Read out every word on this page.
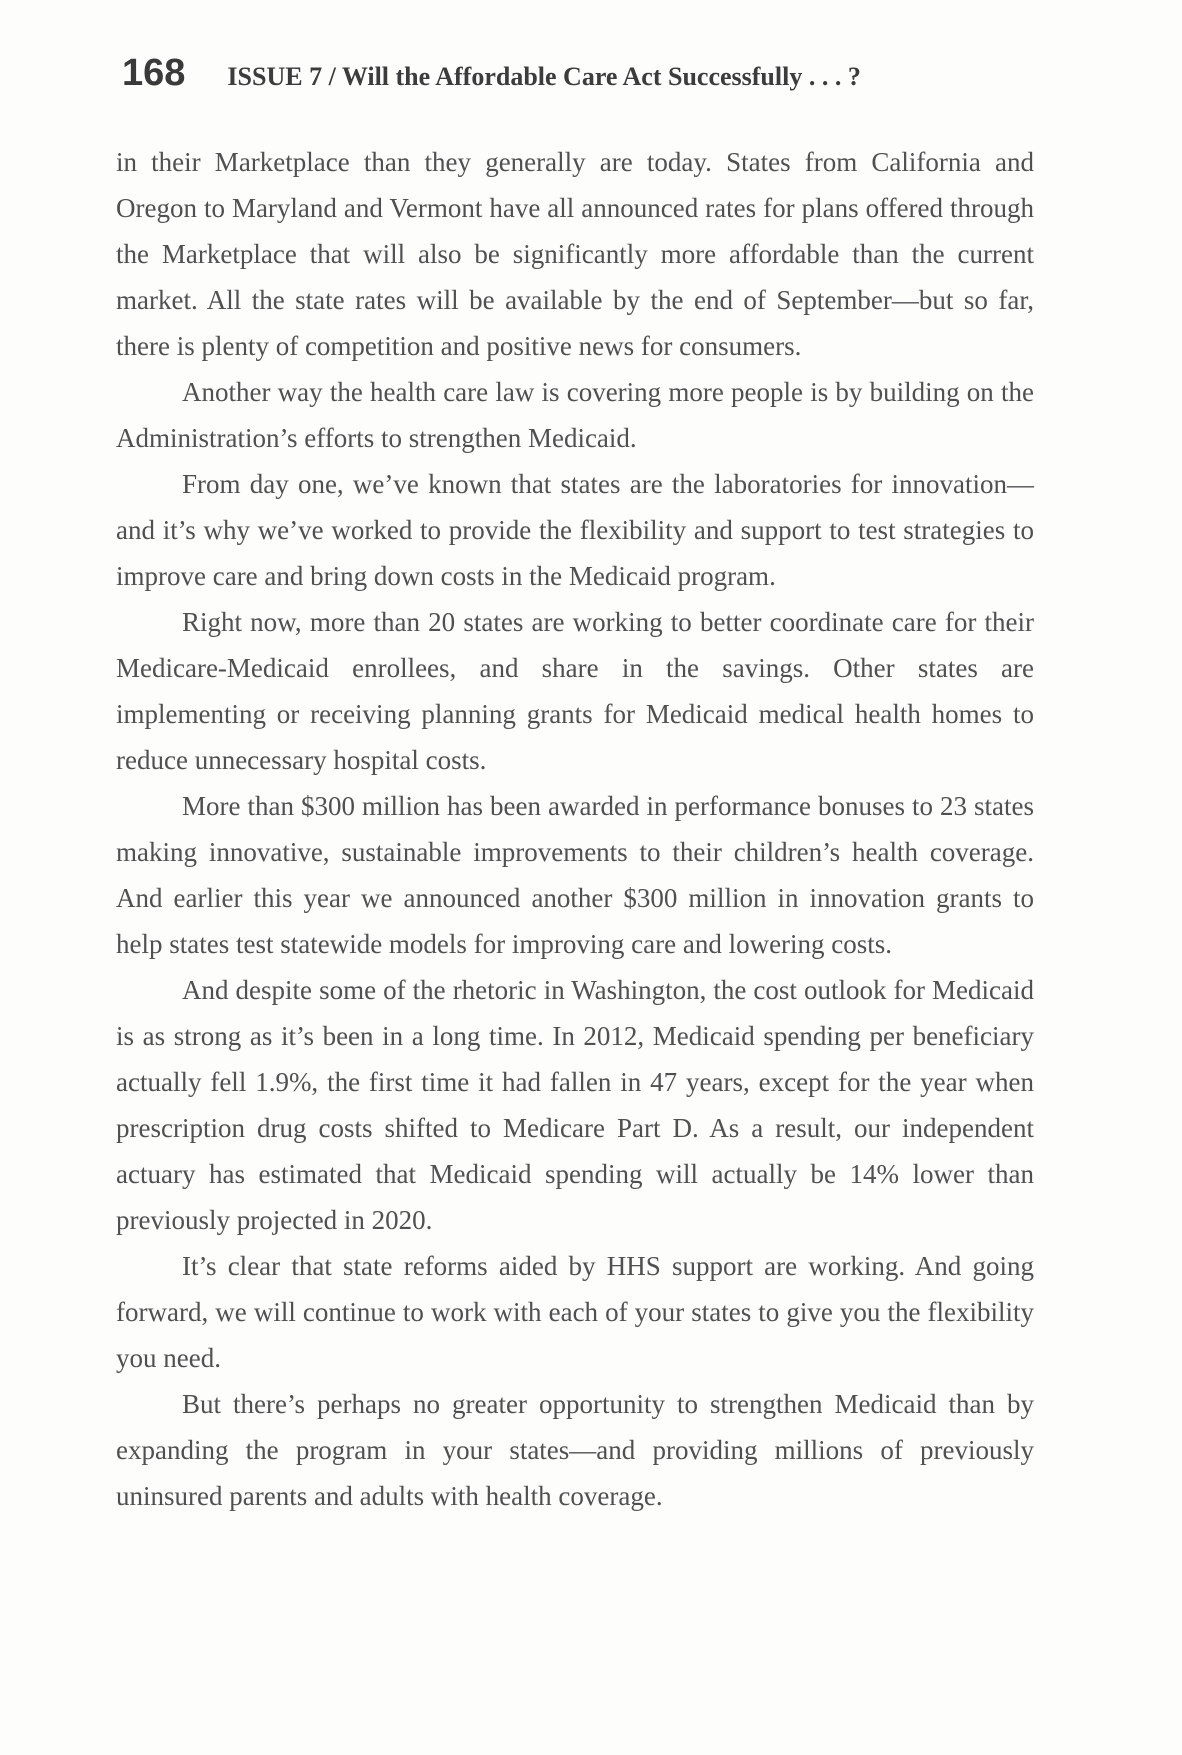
168 ISSUE 7 / Will the Affordable Care Act Successfully . . . ?

in their Marketplace than they generally are today. States from California and Oregon to Maryland and Vermont have all announced rates for plans offered through the Marketplace that will also be significantly more affordable than the current market. All the state rates will be available by the end of September—but so far, there is plenty of competition and positive news for consumers.

Another way the health care law is covering more people is by building on the Administration’s efforts to strengthen Medicaid.

From day one, we’ve known that states are the laboratories for innovation—and it’s why we’ve worked to provide the flexibility and support to test strategies to improve care and bring down costs in the Medicaid program.

Right now, more than 20 states are working to better coordinate care for their Medicare-Medicaid enrollees, and share in the savings. Other states are implementing or receiving planning grants for Medicaid medical health homes to reduce unnecessary hospital costs.

More than $300 million has been awarded in performance bonuses to 23 states making innovative, sustainable improvements to their children’s health coverage. And earlier this year we announced another $300 million in innovation grants to help states test statewide models for improving care and lowering costs.

And despite some of the rhetoric in Washington, the cost outlook for Medicaid is as strong as it’s been in a long time. In 2012, Medicaid spending per beneficiary actually fell 1.9%, the first time it had fallen in 47 years, except for the year when prescription drug costs shifted to Medicare Part D. As a result, our independent actuary has estimated that Medicaid spending will actually be 14% lower than previously projected in 2020.

It’s clear that state reforms aided by HHS support are working. And going forward, we will continue to work with each of your states to give you the flexibility you need.

But there’s perhaps no greater opportunity to strengthen Medicaid than by expanding the program in your states—and providing millions of previously uninsured parents and adults with health coverage.
